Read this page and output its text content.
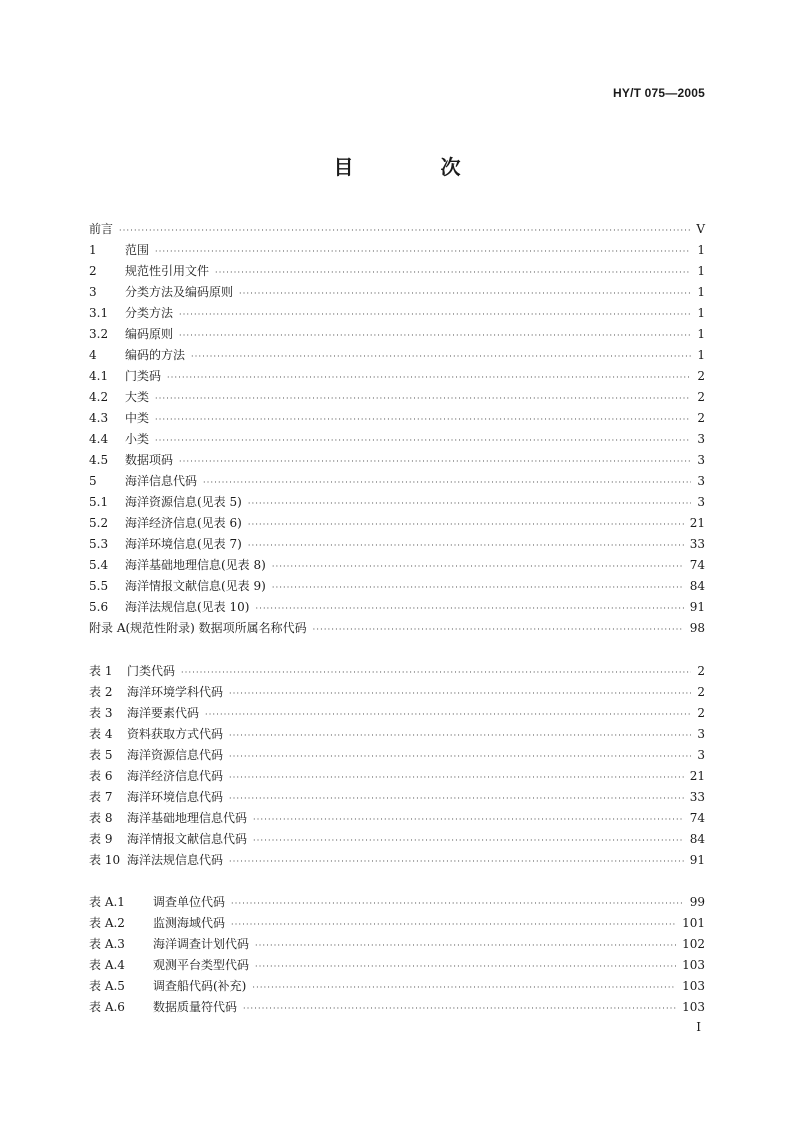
HY/T 075—2005
目 次
前言 ·····	V
1	范围 ·····	1
2	规范性引用文件 ·····	1
3	分类方法及编码原则 ·····	1
3.1	分类方法 ·····	1
3.2	编码原则 ·····	1
4	编码的方法 ·····	1
4.1	门类码 ·····	2
4.2	大类 ·····	2
4.3	中类 ·····	2
4.4	小类 ·····	3
4.5	数据项码 ·····	3
5	海洋信息代码 ·····	3
5.1	海洋资源信息(见表 5) ·····	3
5.2	海洋经济信息(见表 6) ·····	21
5.3	海洋环境信息(见表 7) ·····	33
5.4	海洋基础地理信息(见表 8) ·····	74
5.5	海洋情报文献信息(见表 9) ·····	84
5.6	海洋法规信息(见表 10) ·····	91
附录 A (规范性附录) 数据项所属名称代码 ·····	98
表 1	门类代码 ·····	2
表 2	海洋环境学科代码 ·····	2
表 3	海洋要素代码 ·····	2
表 4	资料获取方式代码 ·····	3
表 5	海洋资源信息代码 ·····	3
表 6	海洋经济信息代码 ·····	21
表 7	海洋环境信息代码 ·····	33
表 8	海洋基础地理信息代码 ·····	74
表 9	海洋情报文献信息代码 ·····	84
表 10 海洋法规信息代码 ·····	91
表 A.1	调查单位代码 ·····	99
表 A.2	监测海域代码 ·····	101
表 A.3	海洋调查计划代码 ·····	102
表 A.4	观测平台类型代码 ·····	103
表 A.5	调查船代码(补充) ·····	103
表 A.6	数据质量符代码 ·····	103
I
